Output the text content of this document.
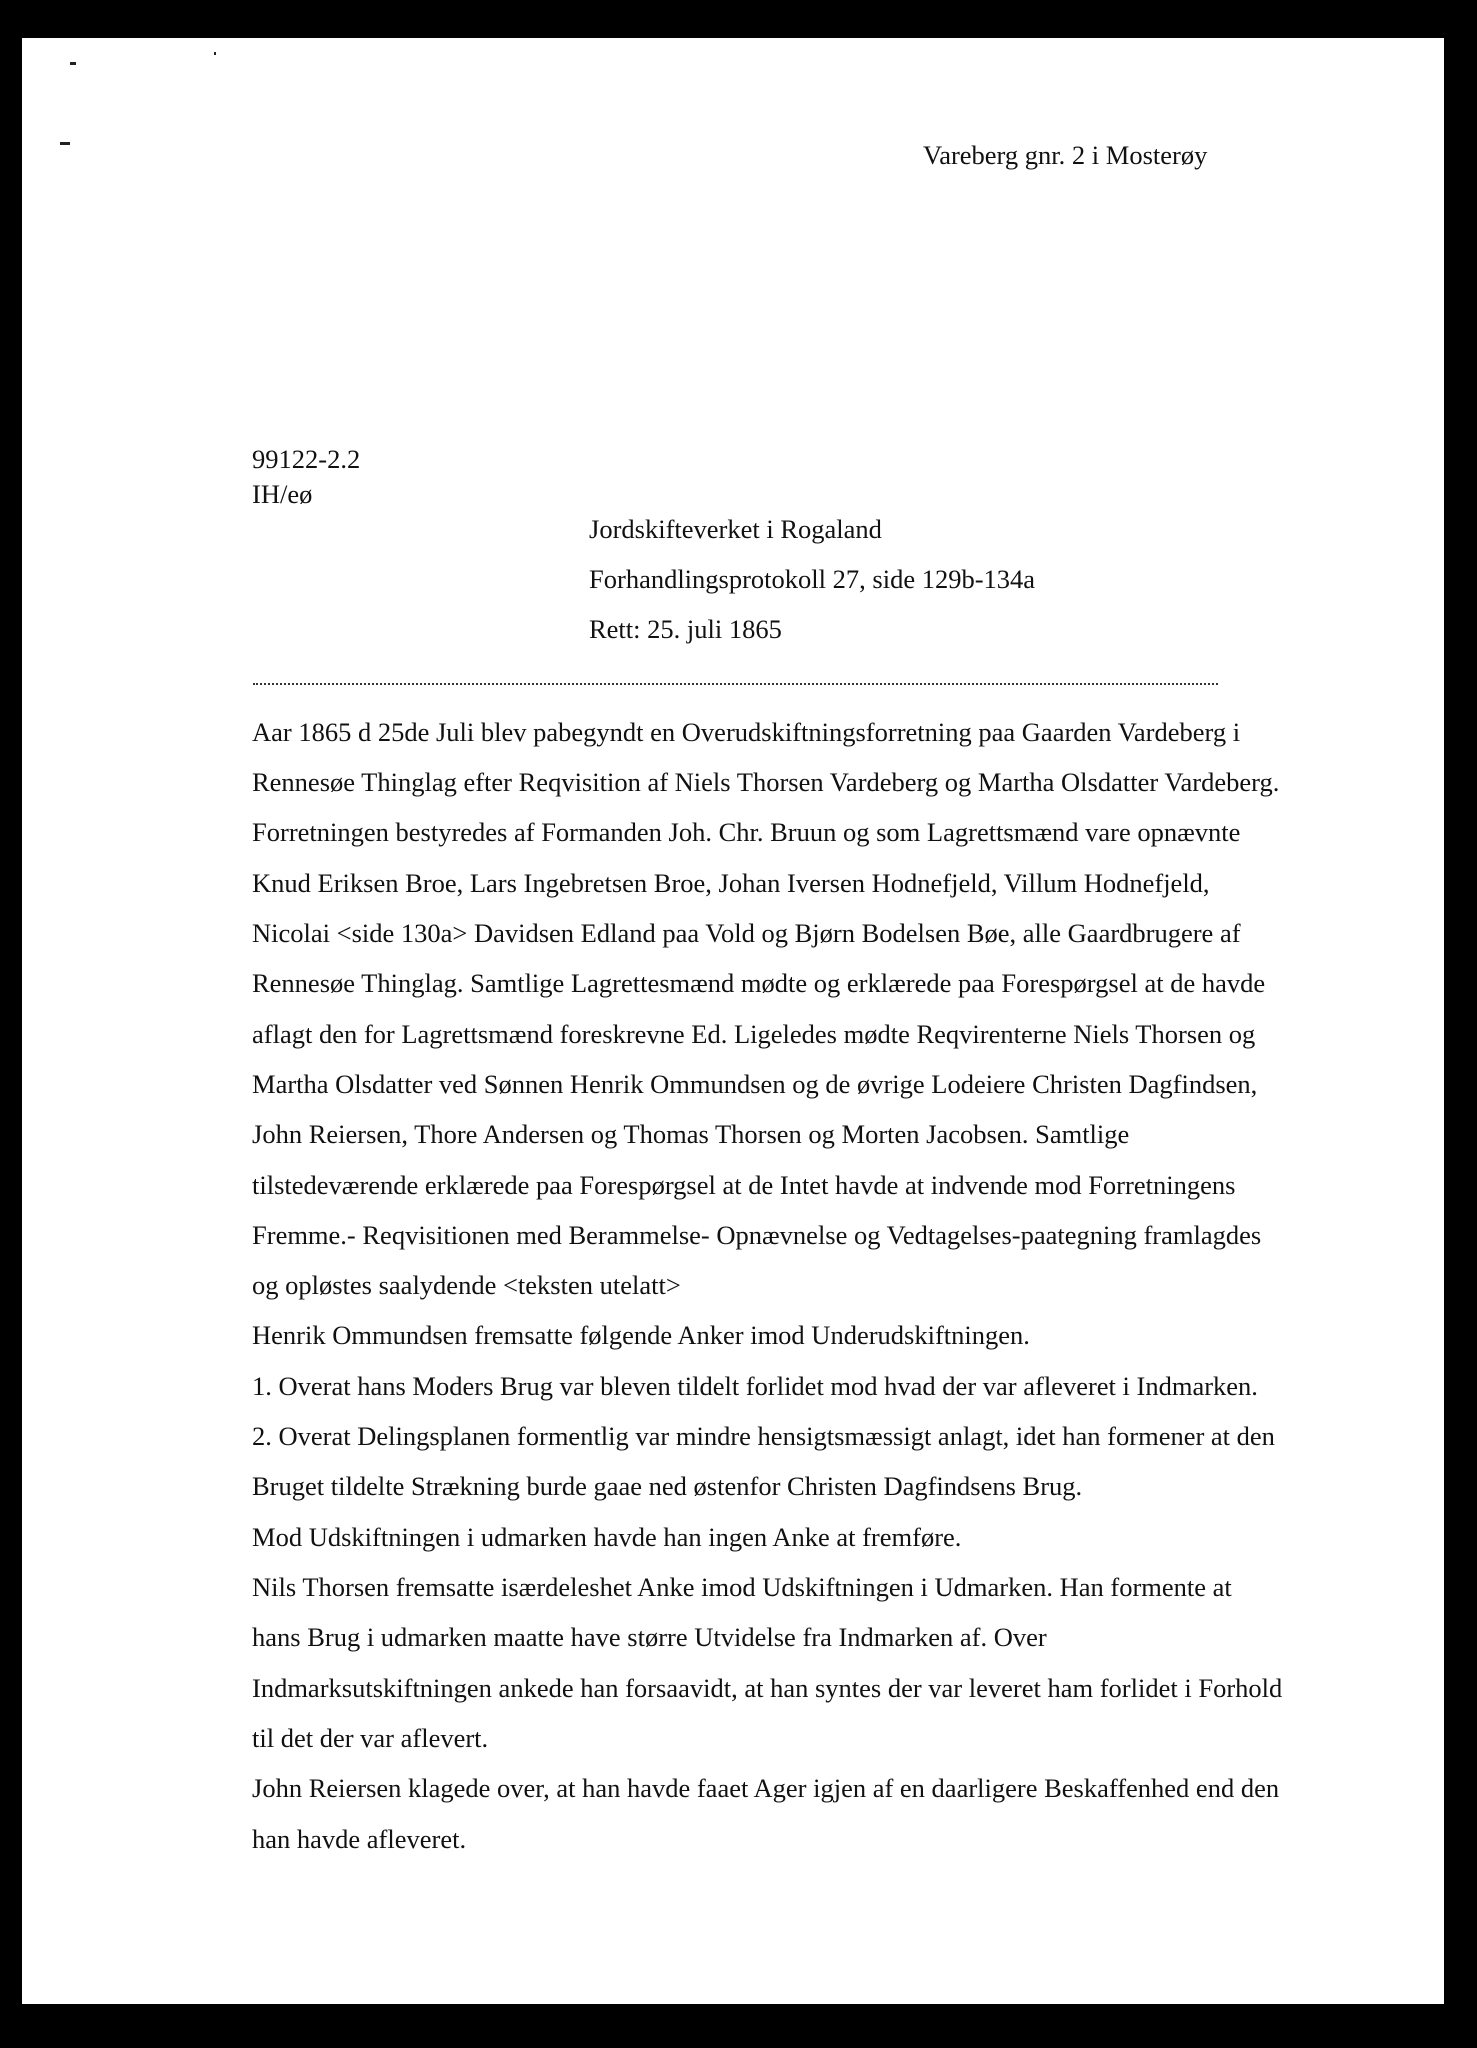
Vareberg gnr. 2 i Mosterøy
99122-2.2
IH/eø
Jordskifteverket i Rogaland
Forhandlingsprotokoll 27, side 129b-134a
Rett: 25. juli 1865
Aar 1865 d 25de Juli blev pabegyndt en Overudskiftningsforretning paa Gaarden Vardeberg i
Rennesøe Thinglag efter Reqvisition af Niels Thorsen Vardeberg og Martha Olsdatter Vardeberg.
Forretningen bestyredes af Formanden Joh. Chr. Bruun og som Lagrettsmænd vare opnævnte
Knud Eriksen Broe, Lars Ingebretsen Broe, Johan Iversen Hodnefjeld, Villum Hodnefjeld,
Nicolai <side 130a> Davidsen Edland paa Vold og Bjørn Bodelsen Bøe, alle Gaardbrugere af
Rennesøe Thinglag. Samtlige Lagrettesmænd mødte og erklærede paa Forespørgsel at de havde
aflagt den for Lagrettsmænd foreskrevne Ed. Ligeledes mødte Reqvirenterne Niels Thorsen og
Martha Olsdatter ved Sønnen Henrik Ommundsen og de øvrige Lodeiere Christen Dagfindsen,
John Reiersen, Thore Andersen og Thomas Thorsen og Morten Jacobsen. Samtlige
tilstedeværende erklærede paa Forespørgsel at de Intet havde at indvende mod Forretningens
Fremme.- Reqvisitionen med Berammelse- Opnævnelse og Vedtagelses-paategning framlagdes
og opløstes saalydende <teksten utelatt>
Henrik Ommundsen fremsatte følgende Anker imod Underudskiftningen.
1. Overat hans Moders Brug var bleven tildelt forlidet mod hvad der var afleveret i Indmarken.
2. Overat Delingsplanen formentlig var mindre hensigtsmæssigt anlagt, idet han formener at den
Bruget tildelte Strækning burde gaae ned østenfor Christen Dagfindsens Brug.
Mod Udskiftningen i udmarken havde han ingen Anke at fremføre.
Nils Thorsen fremsatte isærdeleshet Anke imod Udskiftningen i Udmarken. Han formente at
hans Brug i udmarken maatte have større Utvidelse fra Indmarken af. Over
Indmarksutskiftningen ankede han forsaavidt, at han syntes der var leveret ham forlidet i Forhold
til det der var aflevert.
John Reiersen klagede over, at han havde faaet Ager igjen af en daarligere Beskaffenhed end den
han havde afleveret.
